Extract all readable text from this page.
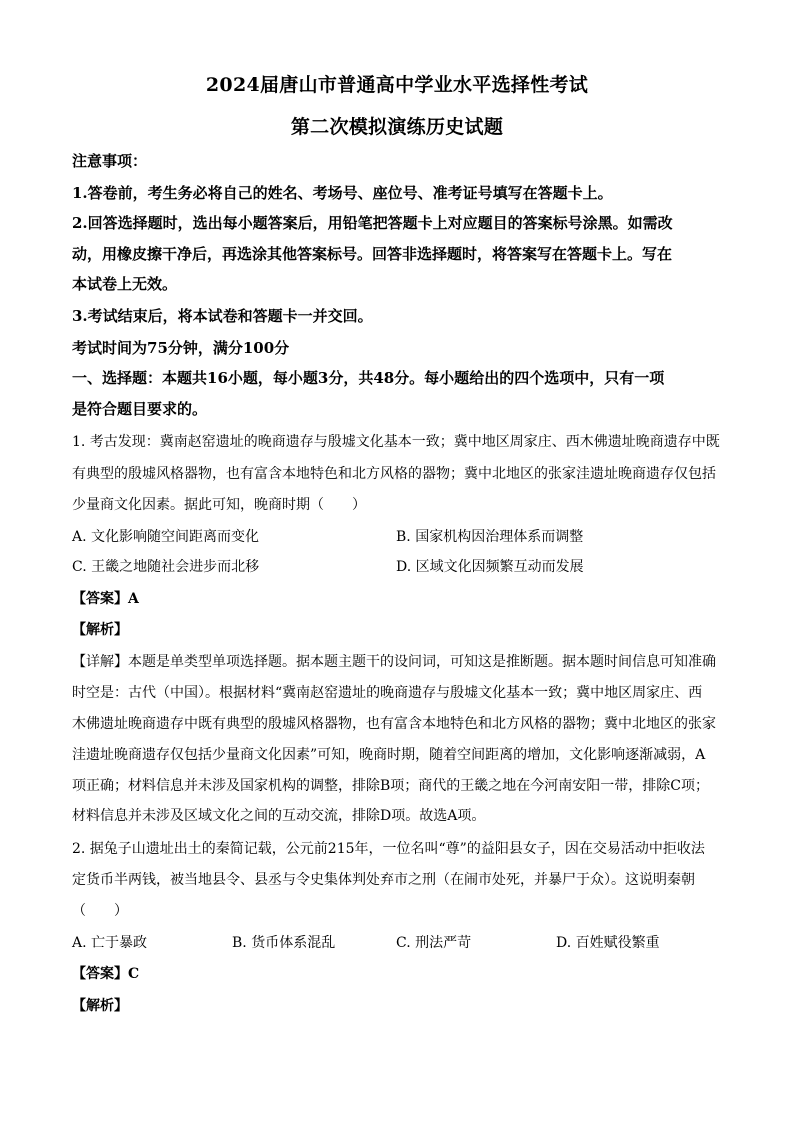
2024届唐山市普通高中学业水平选择性考试
第二次模拟演练历史试题
注意事项：
1.答卷前，考生务必将自己的姓名、考场号、座位号、准考证号填写在答题卡上。
2.回答选择题时，选出每小题答案后，用铅笔把答题卡上对应题目的答案标号涂黑。如需改
动，用橡皮擦干净后，再选涂其他答案标号。回答非选择题时，将答案写在答题卡上。写在
本试卷上无效。
3.考试结束后，将本试卷和答题卡一并交回。
考试时间为75分钟，满分100分
一、选择题：本题共16小题，每小题3分，共48分。每小题给出的四个选项中，只有一项
是符合题目要求的。
1. 考古发现：冀南赵窑遗址的晚商遗存与殷墟文化基本一致；冀中地区周家庄、西木佛遗址晚商遗存中既
有典型的殷墟风格器物，也有富含本地特色和北方风格的器物；冀中北地区的张家洼遗址晚商遗存仅包括
少量商文化因素。据此可知，晚商时期（　　）
A. 文化影响随空间距离而变化	B. 国家机构因治理体系而调整
C. 王畿之地随社会进步而北移	D. 区域文化因频繁互动而发展
【答案】A
【解析】
【详解】本题是单类型单项选择题。据本题主题干的设问词，可知这是推断题。据本题时间信息可知准确
时空是：古代（中国）。根据材料“冀南赵窑遗址的晚商遗存与殷墟文化基本一致；冀中地区周家庄、西
木佛遗址晚商遗存中既有典型的殷墟风格器物，也有富含本地特色和北方风格的器物；冀中北地区的张家
洼遗址晚商遗存仅包括少量商文化因素”可知，晚商时期，随着空间距离的增加，文化影响逐渐减弱，A
项正确；材料信息并未涉及国家机构的调整，排除B项；商代的王畿之地在今河南安阳一带，排除C项；
材料信息并未涉及区域文化之间的互动交流，排除D项。故选A项。
2. 据兔子山遗址出土的秦简记载，公元前215年，一位名叫“尊”的益阳县女子，因在交易活动中拒收法
定货币半两钱，被当地县令、县丞与令史集体判处弃市之刑（在闹市处死，并暴尸于众）。这说明秦朝
（　　）
A. 亡于暴政	B. 货币体系混乱	C. 刑法严苛	D. 百姓赋役繁重
【答案】C
【解析】
